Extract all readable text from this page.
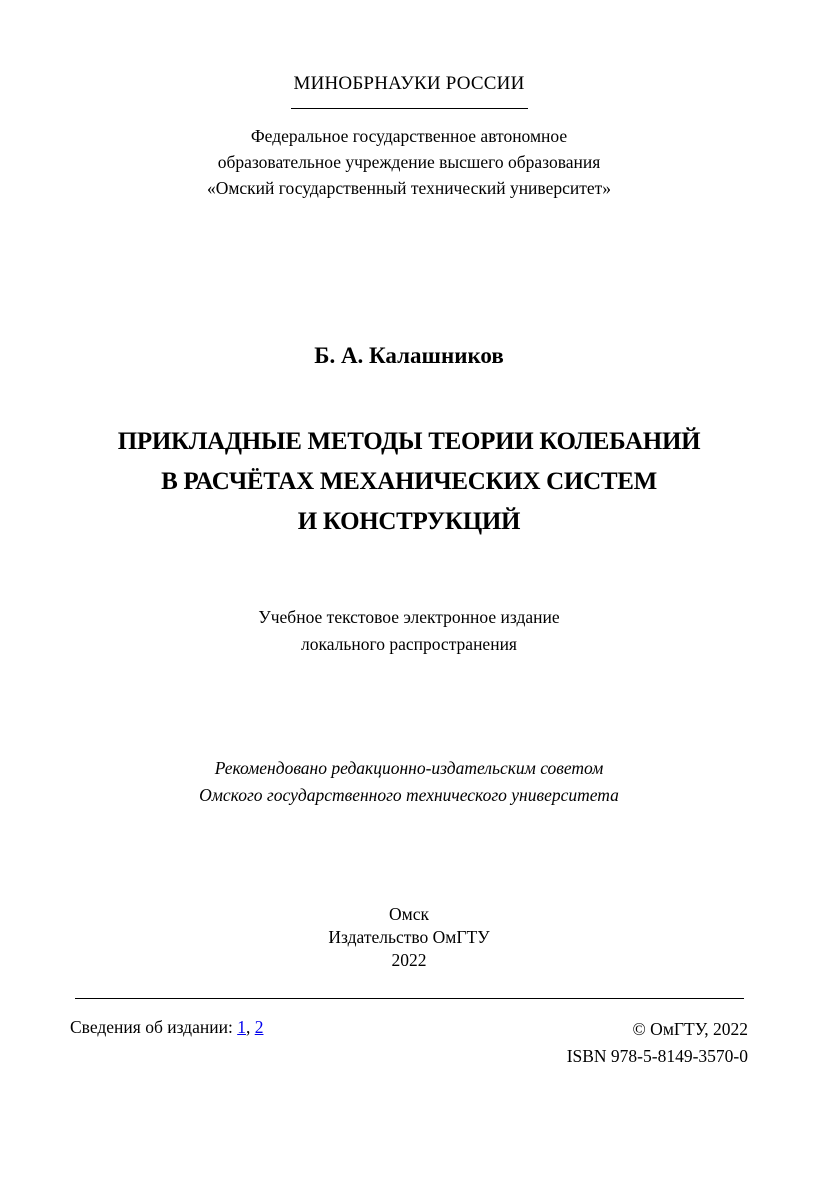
МИНОБРНАУКИ РОССИИ
Федеральное государственное автономное
образовательное учреждение высшего образования
«Омский государственный технический университет»
Б. А. Калашников
ПРИКЛАДНЫЕ МЕТОДЫ ТЕОРИИ КОЛЕБАНИЙ
В РАСЧЁТАХ МЕХАНИЧЕСКИХ СИСТЕМ
И КОНСТРУКЦИЙ
Учебное текстовое электронное издание
локального распространения
Рекомендовано редакционно-издательским советом
Омского государственного технического университета
Омск
Издательство ОмГТУ
2022
Сведения об издании: 1, 2	© ОмГТУ, 2022
ISBN 978-5-8149-3570-0
